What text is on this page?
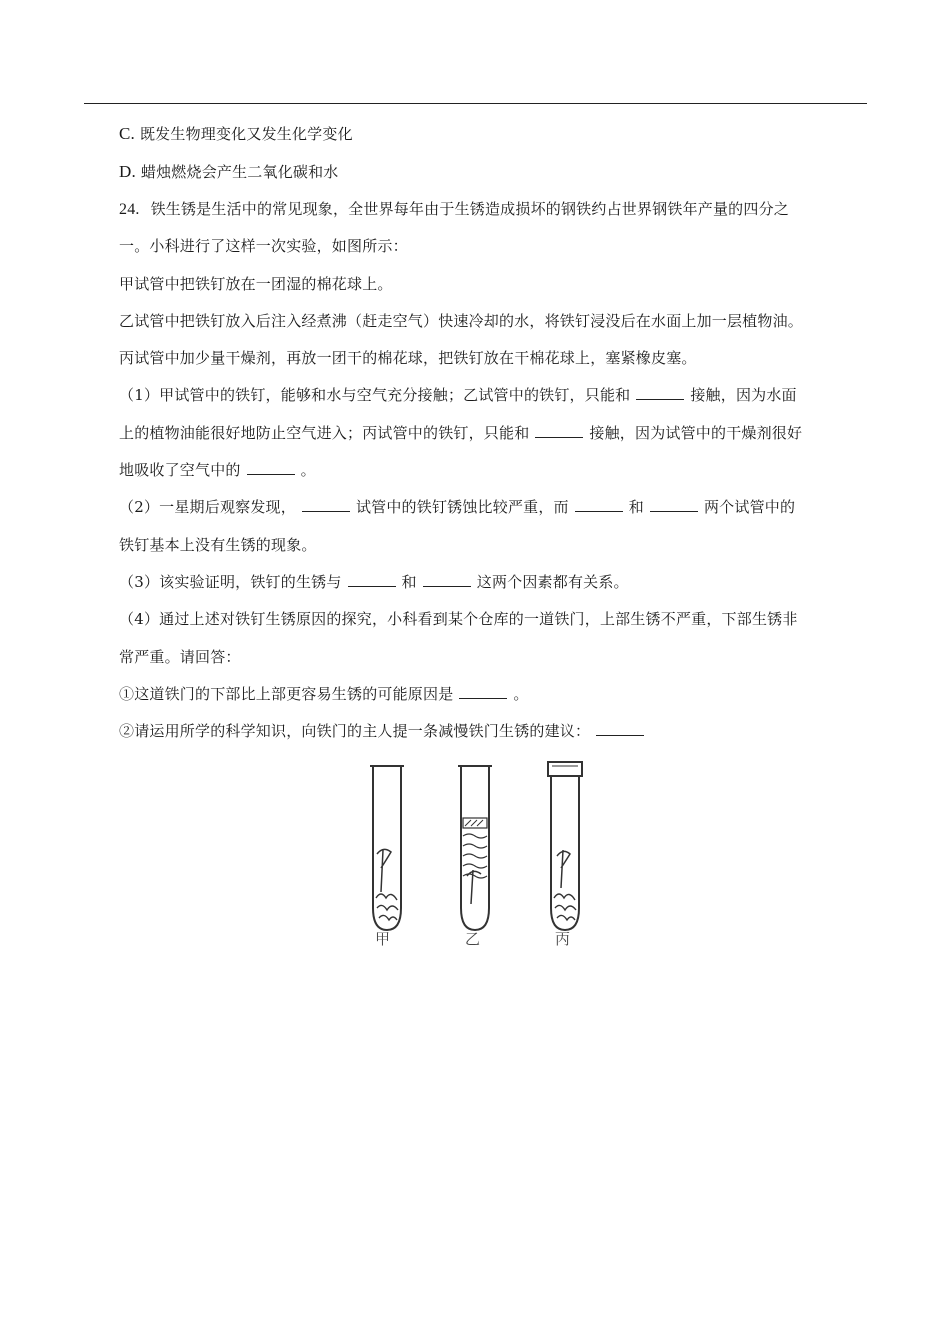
C. 既发生物理变化又发生化学变化
D. 蜡烛燃烧会产生二氧化碳和水
24. 铁生锈是生活中的常见现象，全世界每年由于生锈造成损坏的钢铁约占世界钢铁年产量的四分之
一。小科进行了这样一次实验，如图所示：
甲试管中把铁钉放在一团湿的棉花球上。
乙试管中把铁钉放入后注入经煮沸（赶走空气）快速冷却的水，将铁钉浸没后在水面上加一层植物油。
丙试管中加少量干燥剂，再放一团干的棉花球，把铁钉放在干棉花球上，塞紧橡皮塞。
（1）甲试管中的铁钉，能够和水与空气充分接触；乙试管中的铁钉，只能和	接触，因为水面
上的植物油能很好地防止空气进入；丙试管中的铁钉，只能和	接触，因为试管中的干燥剂很好
地吸收了空气中的	。
（2）一星期后观察发现，	试管中的铁钉锈蚀比较严重，而	和	两个试管中的
铁钉基本上没有生锈的现象。
（3）该实验证明，铁钉的生锈与	和	这两个因素都有关系。
（4）通过上述对铁钉生锈原因的探究，小科看到某个仓库的一道铁门，上部生锈不严重，下部生锈非
常严重。请回答：
①这道铁门的下部比上部更容易生锈的可能原因是	。
②请运用所学的科学知识，向铁门的主人提一条减慢铁门生锈的建议：
甲	乙	丙
